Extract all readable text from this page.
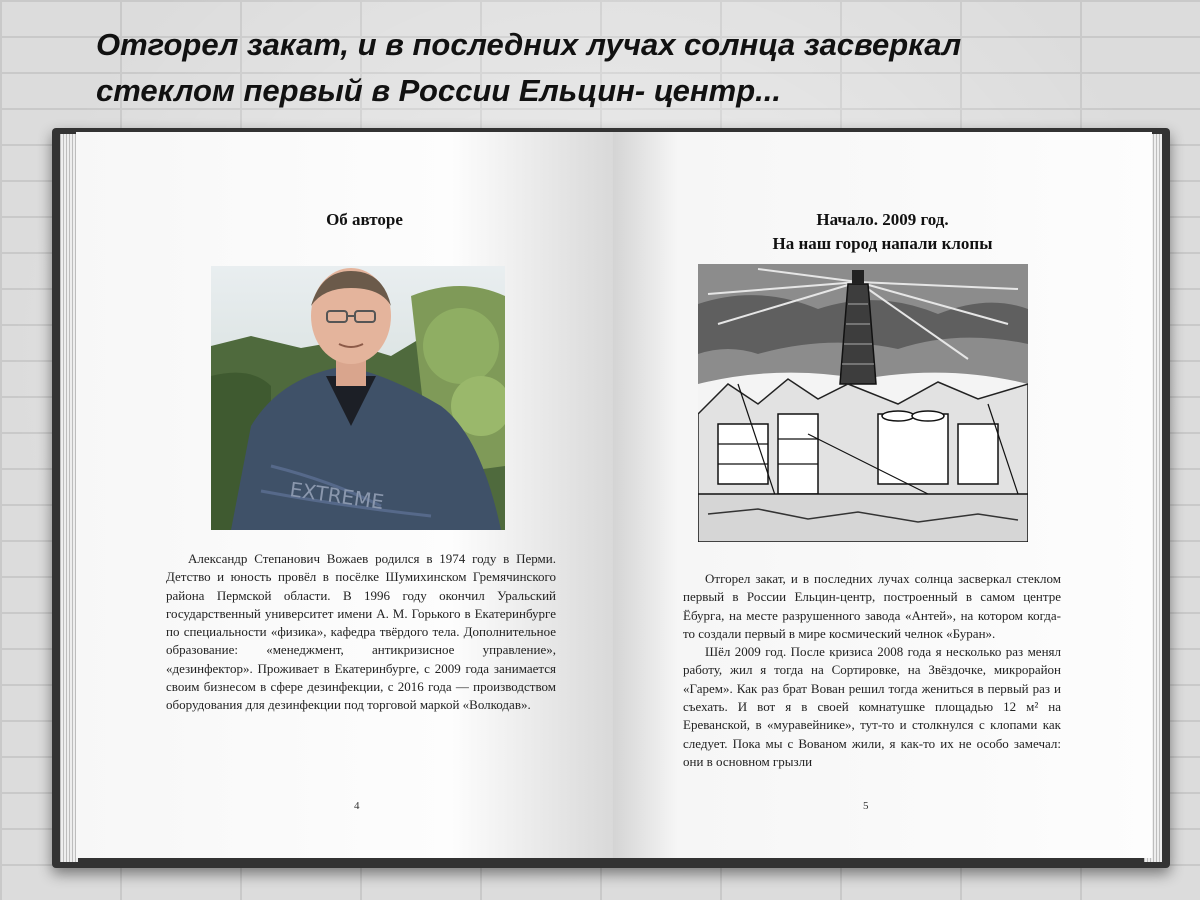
Отгорел закат, и в последних лучах солнца засверкал
стеклом первый в России Ельцин- центр...
Об авторе
EXTREME

Александр Степанович Вожаев родился в 1974 году в Перми. Детство и юность провёл в посёлке Шумихинском Гремячинского района Пермской области. В 1996 году окончил Уральский государственный университет имени А. М. Горького в Екатеринбурге по специальности «физика», кафедра твёрдого тела. Дополнительное образование: «менеджмент, антикризисное управление», «дезинфектор». Проживает в Екатеринбурге, с 2009 года занимается своим бизнесом в сфере дезинфекции, с 2016 года — производством оборудования для дезинфекции под торговой маркой «Волкодав».

4
Начало. 2009 год.
На наш город напали клопы

Отгорел закат, и в последних лучах солнца засверкал стеклом первый в России Ельцин-центр, построенный в самом центре Ёбурга, на месте разрушенного завода «Антей», на котором когда-то создали первый в мире космический челнок «Буран».

Шёл 2009 год. После кризиса 2008 года я несколько раз менял работу, жил я тогда на Сортировке, на Звёздочке, микрорайон «Гарем». Как раз брат Вован решил тогда жениться в первый раз и съехать. И вот я в своей комнатушке площадью 12 м² на Ереванской, в «муравейнике», тут-то и столкнулся с клопами как следует. Пока мы с Вованом жили, я как-то их не особо замечал: они в основном грызли

5
